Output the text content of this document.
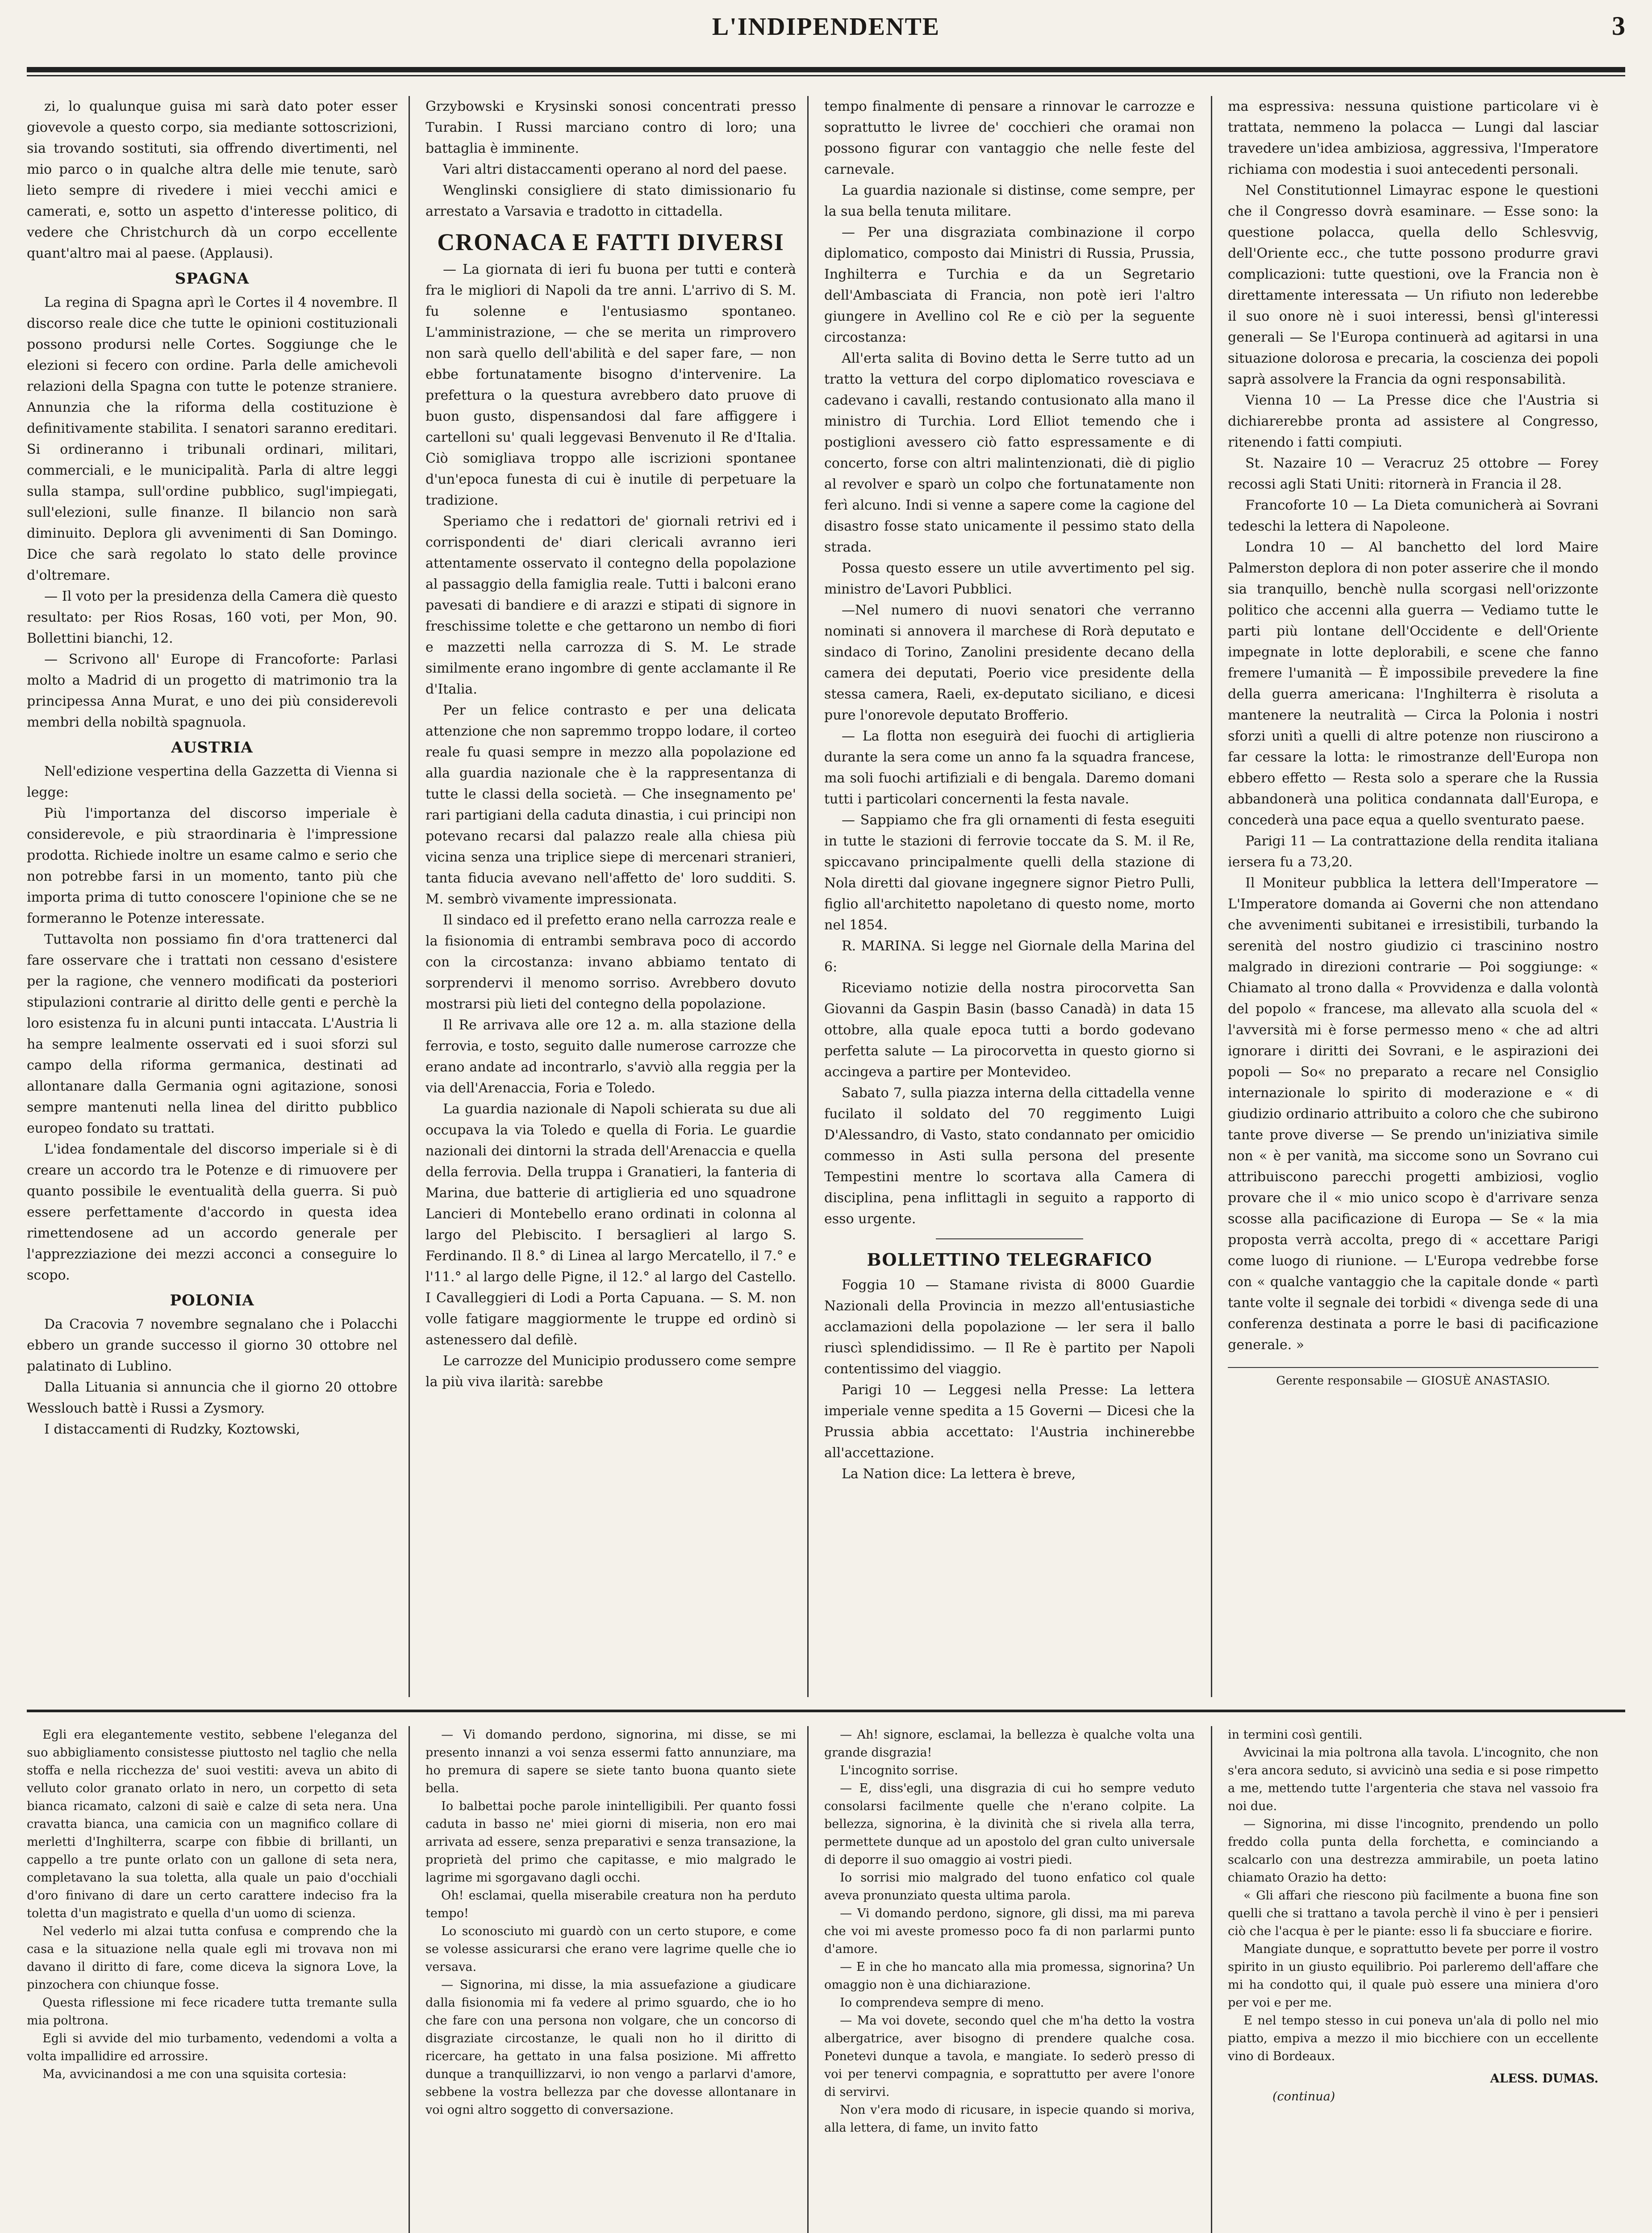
L'INDIPENDENTE	3

zi, lo qualunque guisa mi sarà dato poter esser giovevole a questo corpo, sia mediante sottoscrizioni, sia trovando sostituti, sia offrendo divertimenti, nel mio parco o in qualche altra delle mie tenute, sarò lieto sempre di rivedere i miei vecchi amici e camerati, e, sotto un aspetto d'interesse politico, di vedere che Christchurch dà un corpo eccellente quant'altro mai al paese. (Applausi).

SPAGNA

La regina di Spagna aprì le Cortes il 4 novembre. Il discorso reale dice che tutte le opinioni costituzionali possono prodursi nelle Cortes. Soggiunge che le elezioni si fecero con ordine. Parla delle amichevoli relazioni della Spagna con tutte le potenze straniere. Annunzia che la riforma della costituzione è definitivamente stabilita. I senatori saranno ereditari. Si ordineranno i tribunali ordinari, militari, commerciali, e le municipalità. Parla di altre leggi sulla stampa, sull'ordine pubblico, sugl'impiegati, sull'elezioni, sulle finanze. Il bilancio non sarà diminuito. Deplora gli avvenimenti di San Domingo. Dice che sarà regolato lo stato delle province d'oltremare.

— Il voto per la presidenza della Camera diè questo resultato: per Rios Rosas, 160 voti, per Mon, 90. Bollettini bianchi, 12.

— Scrivono all' Europe di Francoforte: Parlasi molto a Madrid di un progetto di matrimonio tra la principessa Anna Murat, e uno dei più considerevoli membri della nobiltà spagnuola.

AUSTRIA

Nell'edizione vespertina della Gazzetta di Vienna si legge:

Più l'importanza del discorso imperiale è considerevole, e più straordinaria è l'impressione prodotta. Richiede inoltre un esame calmo e serio che non potrebbe farsi in un momento, tanto più che importa prima di tutto conoscere l'opinione che se ne formeranno le Potenze interessate.

Tuttavolta non possiamo fin d'ora trattenerci dal fare osservare che i trattati non cessano d'esistere per la ragione, che vennero modificati da posteriori stipulazioni contrarie al diritto delle genti e perchè la loro esistenza fu in alcuni punti intaccata. L'Austria li ha sempre lealmente osservati ed i suoi sforzi sul campo della riforma germanica, destinati ad allontanare dalla Germania ogni agitazione, sonosi sempre mantenuti nella linea del diritto pubblico europeo fondato su trattati.

L'idea fondamentale del discorso imperiale si è di creare un accordo tra le Potenze e di rimuovere per quanto possibile le eventualità della guerra. Si può essere perfettamente d'accordo in questa idea rimettendosene ad un accordo generale per l'apprezziazione dei mezzi acconci a conseguire lo scopo.

POLONIA

Da Cracovia 7 novembre segnalano che i Polacchi ebbero un grande successo il giorno 30 ottobre nel palatinato di Lublino.

Dalla Lituania si annuncia che il giorno 20 ottobre Wesslouch battè i Russi a Zysmory.

I distaccamenti di Rudzky, Koztowski,

Grzybowski e Krysinski sonosi concentrati presso Turabin. I Russi marciano contro di loro; una battaglia è imminente.

Vari altri distaccamenti operano al nord del paese.

Wenglinski consigliere di stato dimissionario fu arrestato a Varsavia e tradotto in cittadella.

CRONACA E FATTI DIVERSI

— La giornata di ieri fu buona per tutti e conterà fra le migliori di Napoli da tre anni. L'arrivo di S. M. fu solenne e l'entusiasmo spontaneo. L'amministrazione, — che se merita un rimprovero non sarà quello dell'abilità e del saper fare, — non ebbe fortunatamente bisogno d'intervenire. La prefettura o la questura avrebbero dato pruove di buon gusto, dispensandosi dal fare affiggere i cartelloni su' quali leggevasi Benvenuto il Re d'Italia. Ciò somigliava troppo alle iscrizioni spontanee d'un'epoca funesta di cui è inutile di perpetuare la tradizione.

Speriamo che i redattori de' giornali retrivi ed i corrispondenti de' diari clericali avranno ieri attentamente osservato il contegno della popolazione al passaggio della famiglia reale. Tutti i balconi erano pavesati di bandiere e di arazzi e stipati di signore in freschissime tolette e che gettarono un nembo di fiori e mazzetti nella carrozza di S. M. Le strade similmente erano ingombre di gente acclamante il Re d'Italia.

Per un felice contrasto e per una delicata attenzione che non sapremmo troppo lodare, il corteo reale fu quasi sempre in mezzo alla popolazione ed alla guardia nazionale che è la rappresentanza di tutte le classi della società. — Che insegnamento pe' rari partigiani della caduta dinastia, i cui principi non potevano recarsi dal palazzo reale alla chiesa più vicina senza una triplice siepe di mercenari stranieri, tanta fiducia avevano nell'affetto de' loro sudditi. S. M. sembrò vivamente impressionata.

Il sindaco ed il prefetto erano nella carrozza reale e la fisionomia di entrambi sembrava poco di accordo con la circostanza: invano abbiamo tentato di sorprendervi il menomo sorriso. Avrebbero dovuto mostrarsi più lieti del contegno della popolazione.

Il Re arrivava alle ore 12 a. m. alla stazione della ferrovia, e tosto, seguito dalle numerose carrozze che erano andate ad incontrarlo, s'avviò alla reggia per la via dell'Arenaccia, Foria e Toledo.

La guardia nazionale di Napoli schierata su due ali occupava la via Toledo e quella di Foria. Le guardie nazionali dei dintorni la strada dell'Arenaccia e quella della ferrovia. Della truppa i Granatieri, la fanteria di Marina, due batterie di artiglieria ed uno squadrone Lancieri di Montebello erano ordinati in colonna al largo del Plebiscito. I bersaglieri al largo S. Ferdinando. Il 8.° di Linea al largo Mercatello, il 7.° e l'11.° al largo delle Pigne, il 12.° al largo del Castello. I Cavalleggieri di Lodi a Porta Capuana. — S. M. non volle fatigare maggiormente le truppe ed ordinò si astenessero dal defilè.

Le carrozze del Municipio produssero come sempre la più viva ilarità: sarebbe

tempo finalmente di pensare a rinnovar le carrozze e soprattutto le livree de' cocchieri che oramai non possono figurar con vantaggio che nelle feste del carnevale.

La guardia nazionale si distinse, come sempre, per la sua bella tenuta militare.

— Per una disgraziata combinazione il corpo diplomatico, composto dai Ministri di Russia, Prussia, Inghilterra e Turchia e da un Segretario dell'Ambasciata di Francia, non potè ieri l'altro giungere in Avellino col Re e ciò per la seguente circostanza:

All'erta salita di Bovino detta le Serre tutto ad un tratto la vettura del corpo diplomatico rovesciava e cadevano i cavalli, restando contusionato alla mano il ministro di Turchia. Lord Elliot temendo che i postiglioni avessero ciò fatto espressamente e di concerto, forse con altri malintenzionati, diè di piglio al revolver e sparò un colpo che fortunatamente non ferì alcuno. Indi si venne a sapere come la cagione del disastro fosse stato unicamente il pessimo stato della strada.

Possa questo essere un utile avvertimento pel sig. ministro de'Lavori Pubblici.

—Nel numero di nuovi senatori che verranno nominati si annovera il marchese di Rorà deputato e sindaco di Torino, Zanolini presidente decano della camera dei deputati, Poerio vice presidente della stessa camera, Raeli, ex-deputato siciliano, e dicesi pure l'onorevole deputato Brofferio.

— La flotta non eseguirà dei fuochi di artiglieria durante la sera come un anno fa la squadra francese, ma soli fuochi artifiziali e di bengala. Daremo domani tutti i particolari concernenti la festa navale.

— Sappiamo che fra gli ornamenti di festa eseguiti in tutte le stazioni di ferrovie toccate da S. M. il Re, spiccavano principalmente quelli della stazione di Nola diretti dal giovane ingegnere signor Pietro Pulli, figlio all'architetto napoletano di questo nome, morto nel 1854.

R. MARINA. Si legge nel Giornale della Marina del 6:

Riceviamo notizie della nostra pirocorvetta San Giovanni da Gaspin Basin (basso Canadà) in data 15 ottobre, alla quale epoca tutti a bordo godevano perfetta salute — La pirocorvetta in questo giorno si accingeva a partire per Montevideo.

Sabato 7, sulla piazza interna della cittadella venne fucilato il soldato del 70 reggimento Luigi D'Alessandro, di Vasto, stato condannato per omicidio commesso in Asti sulla persona del presente Tempestini mentre lo scortava alla Camera di disciplina, pena inflittagli in seguito a rapporto di esso urgente.

BOLLETTINO TELEGRAFICO

Foggia 10 — Stamane rivista di 8000 Guardie Nazionali della Provincia in mezzo all'entusiastiche acclamazioni della popolazione — ler sera il ballo riuscì splendidissimo. — Il Re è partito per Napoli contentissimo del viaggio.

Parigi 10 — Leggesi nella Presse: La lettera imperiale venne spedita a 15 Governi — Dicesi che la Prussia abbia accettato: l'Austria inchinerebbe all'accettazione.

La Nation dice: La lettera è breve,

ma espressiva: nessuna quistione particolare vi è trattata, nemmeno la polacca — Lungi dal lasciar travedere un'idea ambiziosa, aggressiva, l'Imperatore richiama con modestia i suoi antecedenti personali.

Nel Constitutionnel Limayrac espone le questioni che il Congresso dovrà esaminare. — Esse sono: la questione polacca, quella dello Schlesvvig, dell'Oriente ecc., che tutte possono produrre gravi complicazioni: tutte questioni, ove la Francia non è direttamente interessata — Un rifiuto non lederebbe il suo onore nè i suoi interessi, bensì gl'interessi generali — Se l'Europa continuerà ad agitarsi in una situazione dolorosa e precaria, la coscienza dei popoli saprà assolvere la Francia da ogni responsabilità.

Vienna 10 — La Presse dice che l'Austria si dichiarerebbe pronta ad assistere al Congresso, ritenendo i fatti compiuti.

St. Nazaire 10 — Veracruz 25 ottobre — Forey recossi agli Stati Uniti: ritornerà in Francia il 28.

Francoforte 10 — La Dieta comunicherà ai Sovrani tedeschi la lettera di Napoleone.

Londra 10 — Al banchetto del lord Maire Palmerston deplora di non poter asserire che il mondo sia tranquillo, benchè nulla scorgasi nell'orizzonte politico che accenni alla guerra — Vediamo tutte le parti più lontane dell'Occidente e dell'Oriente impegnate in lotte deplorabili, e scene che fanno fremere l'umanità — È impossibile prevedere la fine della guerra americana: l'Inghilterra è risoluta a mantenere la neutralità — Circa la Polonia i nostri sforzi unitì a quelli di altre potenze non riuscirono a far cessare la lotta: le rimostranze dell'Europa non ebbero effetto — Resta solo a sperare che la Russia abbandonerà una politica condannata dall'Europa, e concederà una pace equa a quello sventurato paese.

Parigi 11 — La contrattazione della rendita italiana iersera fu a 73,20.

Il Moniteur pubblica la lettera dell'Imperatore — L'Imperatore domanda ai Governi che non attendano che avvenimenti subitanei e irresistibili, turbando la serenità del nostro giudizio ci trascinino nostro malgrado in direzioni contrarie — Poi soggiunge: « Chiamato al trono dalla « Provvidenza e dalla volontà del popolo « francese, ma allevato alla scuola del « l'avversità mi è forse permesso meno « che ad altri ignorare i diritti dei Sovrani, e le aspirazioni dei popoli — So« no preparato a recare nel Consiglio internazionale lo spirito di moderazione e « di giudizio ordinario attribuito a coloro che che subirono tante prove diverse — Se prendo un'iniziativa simile non « è per vanità, ma siccome sono un Sovrano cui attribuiscono parecchi progetti ambiziosi, voglio provare che il « mio unico scopo è d'arrivare senza scosse alla pacificazione di Europa — Se « la mia proposta verrà accolta, prego di « accettare Parigi come luogo di riunione. — L'Europa vedrebbe forse con « qualche vantaggio che la capitale donde « partì tante volte il segnale dei torbidi « divenga sede di una conferenza destinata a porre le basi di pacificazione generale. »

Gerente responsabile — GIOSUÈ ANASTASIO.

Egli era elegantemente vestito, sebbene l'eleganza del suo abbigliamento consistesse piuttosto nel taglio che nella stoffa e nella ricchezza de' suoi vestiti: aveva un abito di velluto color granato orlato in nero, un corpetto di seta bianca ricamato, calzoni di saiè e calze di seta nera. Una cravatta bianca, una camicia con un magnifico collare di merletti d'Inghilterra, scarpe con fibbie di brillanti, un cappello a tre punte orlato con un gallone di seta nera, completavano la sua toletta, alla quale un paio d'occhiali d'oro finivano di dare un certo carattere indeciso fra la toletta d'un magistrato e quella d'un uomo di scienza.

Nel vederlo mi alzai tutta confusa e comprendo che la casa e la situazione nella quale egli mi trovava non mi davano il diritto di fare, come diceva la signora Love, la pinzochera con chiunque fosse.

Questa riflessione mi fece ricadere tutta tremante sulla mia poltrona.

Egli si avvide del mio turbamento, vedendomi a volta a volta impallidire ed arrossire.

Ma, avvicinandosi a me con una squisita cortesia:

— Vi domando perdono, signorina, mi disse, se mi presento innanzi a voi senza essermi fatto annunziare, ma ho premura di sapere se siete tanto buona quanto siete bella.

Io balbettai poche parole inintelligibili. Per quanto fossi caduta in basso ne' miei giorni di miseria, non ero mai arrivata ad essere, senza preparativi e senza transazione, la proprietà del primo che capitasse, e mio malgrado le lagrime mi sgorgavano dagli occhi.

Oh! esclamai, quella miserabile creatura non ha perduto tempo!

Lo sconosciuto mi guardò con un certo stupore, e come se volesse assicurarsi che erano vere lagrime quelle che io versava.

— Signorina, mi disse, la mia assuefazione a giudicare dalla fisionomia mi fa vedere al primo sguardo, che io ho che fare con una persona non volgare, che un concorso di disgraziate circostanze, le quali non ho il diritto di ricercare, ha gettato in una falsa posizione. Mi affretto dunque a tranquillizzarvi, io non vengo a parlarvi d'amore, sebbene la vostra bellezza par che dovesse allontanare in voi ogni altro soggetto di conversazione.

— Ah! signore, esclamai, la bellezza è qualche volta una grande disgrazia!

L'incognito sorrise.

— E, diss'egli, una disgrazia di cui ho sempre veduto consolarsi facilmente quelle che n'erano colpite. La bellezza, signorina, è la divinità che si rivela alla terra, permettete dunque ad un apostolo del gran culto universale di deporre il suo omaggio ai vostri piedi.

Io sorrisi mio malgrado del tuono enfatico col quale aveva pronunziato questa ultima parola.

— Vi domando perdono, signore, gli dissi, ma mi pareva che voi mi aveste promesso poco fa di non parlarmi punto d'amore.

— E in che ho mancato alla mia promessa, signorina? Un omaggio non è una dichiarazione.

Io comprendeva sempre di meno.

— Ma voi dovete, secondo quel che m'ha detto la vostra albergatrice, aver bisogno di prendere qualche cosa. Ponetevi dunque a tavola, e mangiate. Io sederò presso di voi per tenervi compagnia, e soprattutto per avere l'onore di servirvi.

Non v'era modo di ricusare, in ispecie quando si moriva, alla lettera, di fame, un invito fatto

in termini così gentili.

Avvicinai la mia poltrona alla tavola. L'incognito, che non s'era ancora seduto, si avvicinò una sedia e si pose rimpetto a me, mettendo tutte l'argenteria che stava nel vassoio fra noi due.

— Signorina, mi disse l'incognito, prendendo un pollo freddo colla punta della forchetta, e cominciando a scalcarlo con una destrezza ammirabile, un poeta latino chiamato Orazio ha detto:

« Gli affari che riescono più facilmente a buona fine son quelli che si trattano a tavola perchè il vino è per i pensieri ciò che l'acqua è per le piante: esso li fa sbucciare e fiorire.

Mangiate dunque, e soprattutto bevete per porre il vostro spirito in un giusto equilibrio. Poi parleremo dell'affare che mi ha condotto qui, il quale può essere una miniera d'oro per voi e per me.

E nel tempo stesso in cui poneva un'ala di pollo nel mio piatto, empiva a mezzo il mio bicchiere con un eccellente vino di Bordeaux.

ALESS. DUMAS.
(continua)
